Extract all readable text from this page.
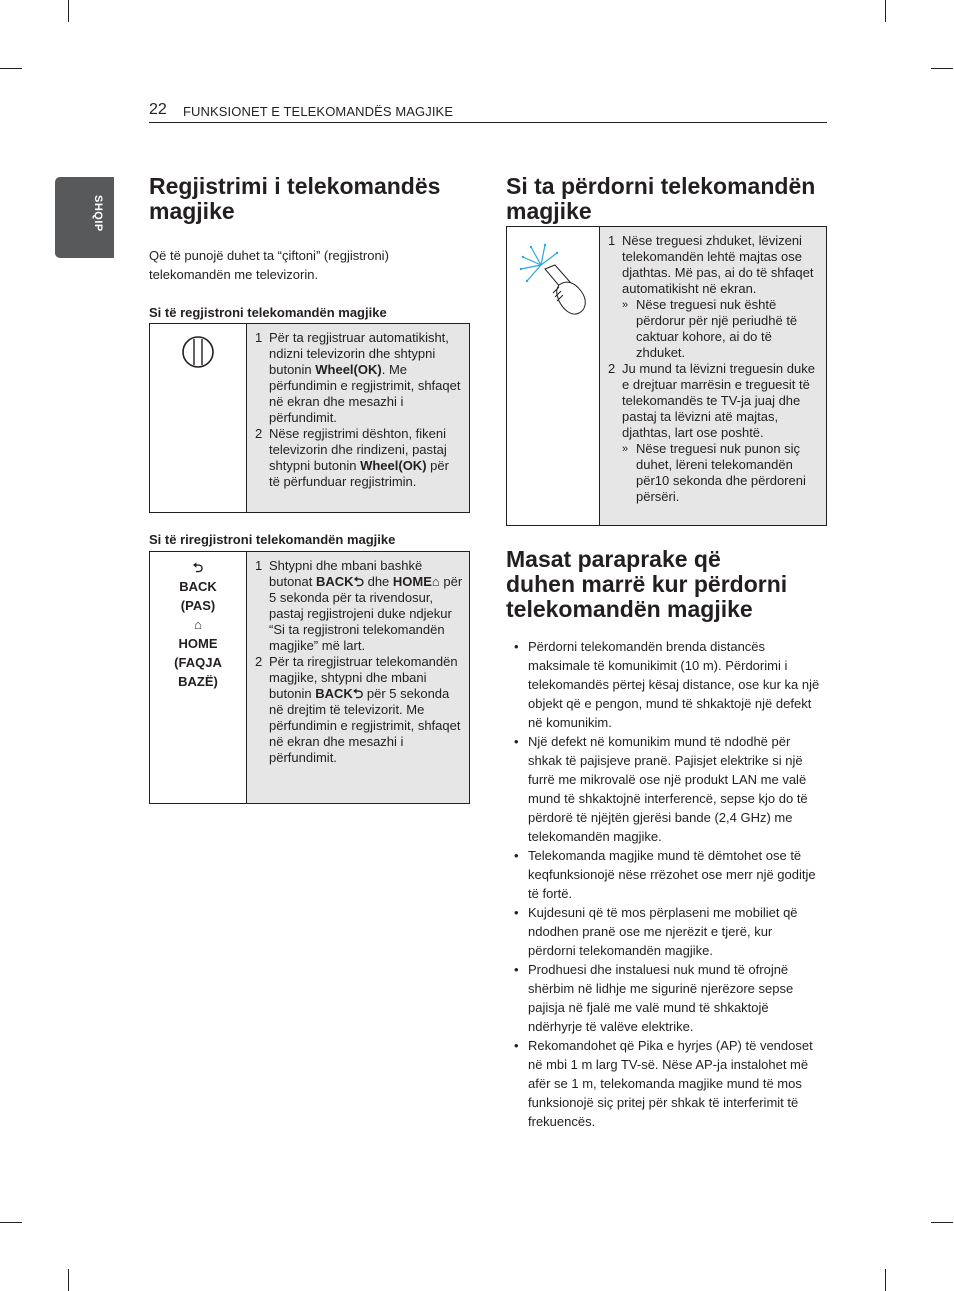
22 FUNKSIONET E TELEKOMANDËS MAGJIKE
SHQIP
Regjistrimi i telekomandës
magjike

Që të punojë duhet ta “çiftoni” (regjistroni)
telekomandën me televizorin.

Si të regjistroni telekomandën magjike

1 Për ta regjistruar automatikisht, ndizni televizorin dhe shtypni butonin Wheel(OK). Me përfundimin e regjistrimit, shfaqet në ekran dhe mesazhi i përfundimit.
2 Nëse regjistrimi dështon, fikeni televizorin dhe rindizeni, pastaj shtypni butonin Wheel(OK) për të përfunduar regjistrimin.

Si të riregjistroni telekomandën magjike

⮌
BACK
(PAS)
⌂
HOME
(FAQJA
BAZË)

1 Shtypni dhe mbani bashkë butonat BACK⮌ dhe HOME⌂ për 5 sekonda për ta rivendosur, pastaj regjistrojeni duke ndjekur “Si ta regjistroni telekomandën magjike” më lart.
2 Për ta riregjistruar telekomandën magjike, shtypni dhe mbani butonin BACK⮌ për 5 sekonda në drejtim të televizorit. Me përfundimin e regjistrimit, shfaqet në ekran dhe mesazhi i përfundimit.
Si ta përdorni telekomandën
magjike

1 Nëse treguesi zhduket, lëvizeni telekomandën lehtë majtas ose djathtas. Më pas, ai do të shfaqet automatikisht në ekran.
» Nëse treguesi nuk është përdorur për një periudhë të caktuar kohore, ai do të zhduket.
2 Ju mund ta lëvizni treguesin duke e drejtuar marrësin e treguesit të telekomandës te TV-ja juaj dhe pastaj ta lëvizni atë majtas, djathtas, lart ose poshtë.
» Nëse treguesi nuk punon siç duhet, lëreni telekomandën për10 sekonda dhe përdoreni përsëri.
Masat paraprake që
duhen marrë kur përdorni
telekomandën magjike
• Përdorni telekomandën brenda distancës maksimale të komunikimit (10 m). Përdorimi i telekomandës përtej kësaj distance, ose kur ka një objekt që e pengon, mund të shkaktojë një defekt në komunikim.
• Një defekt në komunikim mund të ndodhë për shkak të pajisjeve pranë. Pajisjet elektrike si një furrë me mikrovalë ose një produkt LAN me valë mund të shkaktojnë interferencë, sepse kjo do të përdorë të njëjtën gjerësi bande (2,4 GHz) me telekomandën magjike.
• Telekomanda magjike mund të dëmtohet ose të keqfunksionojë nëse rrëzohet ose merr një goditje të fortë.
• Kujdesuni që të mos përplaseni me mobiliet që ndodhen pranë ose me njerëzit e tjerë, kur përdorni telekomandën magjike.
• Prodhuesi dhe instaluesi nuk mund të ofrojnë shërbim në lidhje me sigurinë njerëzore sepse pajisja në fjalë me valë mund të shkaktojë ndërhyrje të valëve elektrike.
• Rekomandohet që Pika e hyrjes (AP) të vendoset në mbi 1 m larg TV-së. Nëse AP-ja instalohet më afër se 1 m, telekomanda magjike mund të mos funksionojë siç pritej për shkak të interferimit të frekuencës.
